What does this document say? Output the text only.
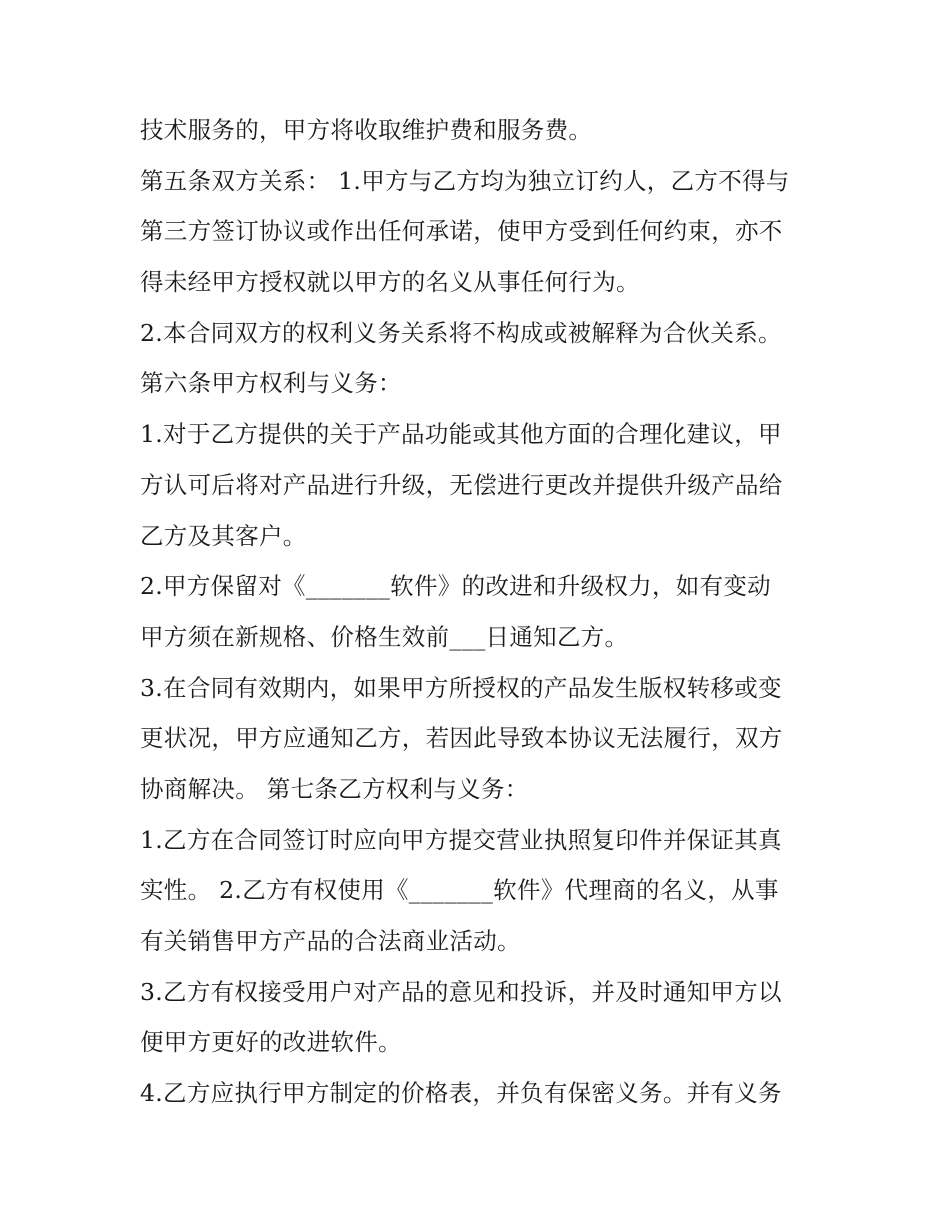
技术服务的，甲方将收取维护费和服务费。
第五条双方关系： 1.甲方与乙方均为独立订约人，乙方不得与
第三方签订协议或作出任何承诺，使甲方受到任何约束，亦不
得未经甲方授权就以甲方的名义从事任何行为。
2.本合同双方的权利义务关系将不构成或被解释为合伙关系。
第六条甲方权利与义务：
1.对于乙方提供的关于产品功能或其他方面的合理化建议，甲
方认可后将对产品进行升级，无偿进行更改并提供升级产品给
乙方及其客户。
2.甲方保留对《_______软件》的改进和升级权力，如有变动
甲方须在新规格、价格生效前___日通知乙方。
3.在合同有效期内，如果甲方所授权的产品发生版权转移或变
更状况，甲方应通知乙方，若因此导致本协议无法履行，双方
协商解决。 第七条乙方权利与义务：
1.乙方在合同签订时应向甲方提交营业执照复印件并保证其真
实性。 2.乙方有权使用《_______软件》代理商的名义，从事
有关销售甲方产品的合法商业活动。
3.乙方有权接受用户对产品的意见和投诉，并及时通知甲方以
便甲方更好的改进软件。
4.乙方应执行甲方制定的价格表，并负有保密义务。并有义务
